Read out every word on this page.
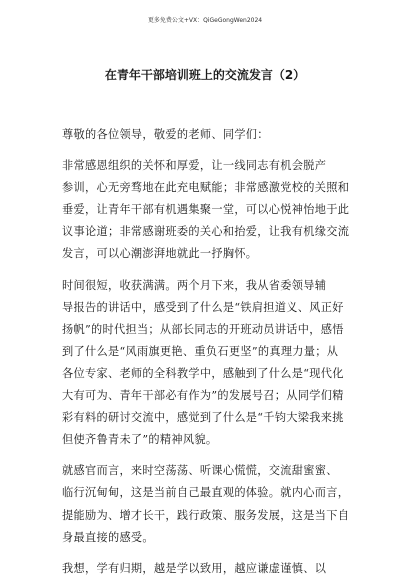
更多免费公文+VX：QiGeGongWen2024
在青年干部培训班上的交流发言（2）
尊敬的各位领导，敬爱的老师、同学们：
非常感恩组织的关怀和厚爱，让一线同志有机会脱产
参训，心无旁骛地在此充电赋能；非常感激党校的关照和
垂爱，让青年干部有机遇集聚一堂，可以心悦神怡地于此
议事论道；非常感谢班委的关心和抬爱，让我有机缘交流
发言，可以心潮澎湃地就此一抒胸怀。
时间很短，收获满满。两个月下来，我从省委领导辅
导报告的讲话中，感受到了什么是“铁肩担道义、风正好
扬帆”的时代担当；从部长同志的开班动员讲话中，感悟
到了什么是“风雨旗更艳、重负石更坚”的真理力量；从
各位专家、老师的全科教学中，感触到了什么是“现代化
大有可为、青年干部必有作为”的发展号召；从同学们精
彩有料的研讨交流中，感觉到了什么是“千钧大梁我来挑
但使齐鲁青未了”的精神风貌。
就感官而言，来时空荡荡、听课心慌慌，交流甜蜜蜜、
临行沉甸甸，这是当前自己最直观的体验。就内心而言，
提能励为、增才长干，践行政策、服务发展，这是当下自
身最直接的感受。
我想，学有归期，越是学以致用，越应谦虚谨慎、以
